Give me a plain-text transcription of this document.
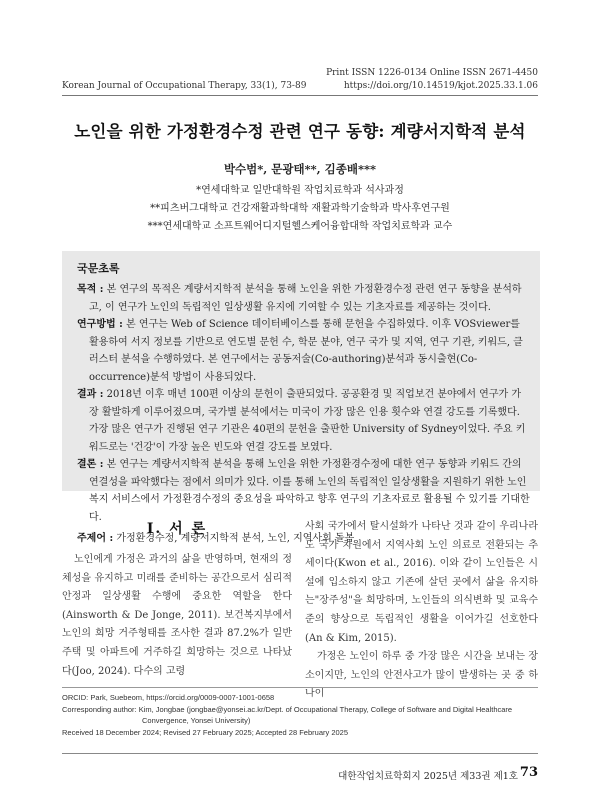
Print ISSN 1226-0134 Online ISSN 2671-4450
Korean Journal of Occupational Therapy, 33(1), 73-89	https://doi.org/10.14519/kjot.2025.33.1.06
노인을 위한 가정환경수정 관련 연구 동향: 계량서지학적 분석
박수범*, 문광태**, 김종배***
*연세대학교 일반대학원 작업치료학과 석사과정
**피츠버그대학교 건강재활과학대학 재활과학기술학과 박사후연구원
***연세대학교 소프트웨어디지털헬스케어융합대학 작업치료학과 교수
국문초록
목적 : 본 연구의 목적은 계량서지학적 분석을 통해 노인을 위한 가정환경수정 관련 연구 동향을 분석하고, 이 연구가 노인의 독립적인 일상생활 유지에 기여할 수 있는 기초자료를 제공하는 것이다.
연구방법 : 본 연구는 Web of Science 데이터베이스를 통해 문헌을 수집하였다. 이후 VOSviewer를 활용하여 서지 정보를 기반으로 연도별 문헌 수, 학문 분야, 연구 국가 및 지역, 연구 기관, 키워드, 클러스터 분석을 수행하였다. 본 연구에서는 공동저술(Co-authoring)분석과 동시출현(Co-occurrence)분석 방법이 사용되었다.
결과 : 2018년 이후 매년 100편 이상의 문헌이 출판되었다. 공공환경 및 직업보건 분야에서 연구가 가장 활발하게 이루어졌으며, 국가별 분석에서는 미국이 가장 많은 인용 횟수와 연결 강도를 기록했다. 가장 많은 연구가 진행된 연구 기관은 40편의 문헌을 출판한 University of Sydney이었다. 주요 키워드로는 '건강'이 가장 높은 빈도와 연결 강도를 보였다.
결론 : 본 연구는 계량서지학적 분석을 통해 노인을 위한 가정환경수정에 대한 연구 동향과 키워드 간의 연결성을 파악했다는 점에서 의미가 있다. 이를 통해 노인의 독립적인 일상생활을 지원하기 위한 노인 복지 서비스에서 가정환경수정의 중요성을 파악하고 향후 연구의 기초자료로 활용될 수 있기를 기대한다.
주제어 : 가정환경수정, 계량서지학적 분석, 노인, 지역사회 돌봄
Ⅰ. 서 론

노인에게 가정은 과거의 삶을 반영하며, 현재의 정체성을 유지하고 미래를 준비하는 공간으로서 심리적 안정과 일상생활 수행에 중요한 역할을 한다(Ainsworth & De Jonge, 2011). 보건복지부에서 노인의 희망 거주형태를 조사한 결과 87.2%가 일반주택 및 아파트에 거주하길 희망하는 것으로 나타났다(Joo, 2024). 다수의 고령

사회 국가에서 탈시설화가 나타난 것과 같이 우리나라도 국가 차원에서 지역사회 노인 의료로 전환되는 추세이다(Kwon et al., 2016). 이와 같이 노인들은 시설에 입소하지 않고 기존에 살던 곳에서 삶을 유지하는"장주성"을 희망하며, 노인들의 의식변화 및 교육수준의 향상으로 독립적인 생활을 이어가길 선호한다(An & Kim, 2015).

가정은 노인이 하루 중 가장 많은 시간을 보내는 장소이지만, 노인의 안전사고가 많이 발생하는 곳 중 하나이

ORCID: Park, Suebeom, https://orcid.org/0009-0007-1001-0658
Corresponding author: Kim, Jongbae (jongbae@yonsei.ac.kr/Dept. of Occupational Therapy, College of Software and Digital Healthcare
Convergence, Yonsei University)
Received 18 December 2024; Revised 27 February 2025; Accepted 28 February 2025
대한작업치료학회지 2025년 제33권 제1호 73
